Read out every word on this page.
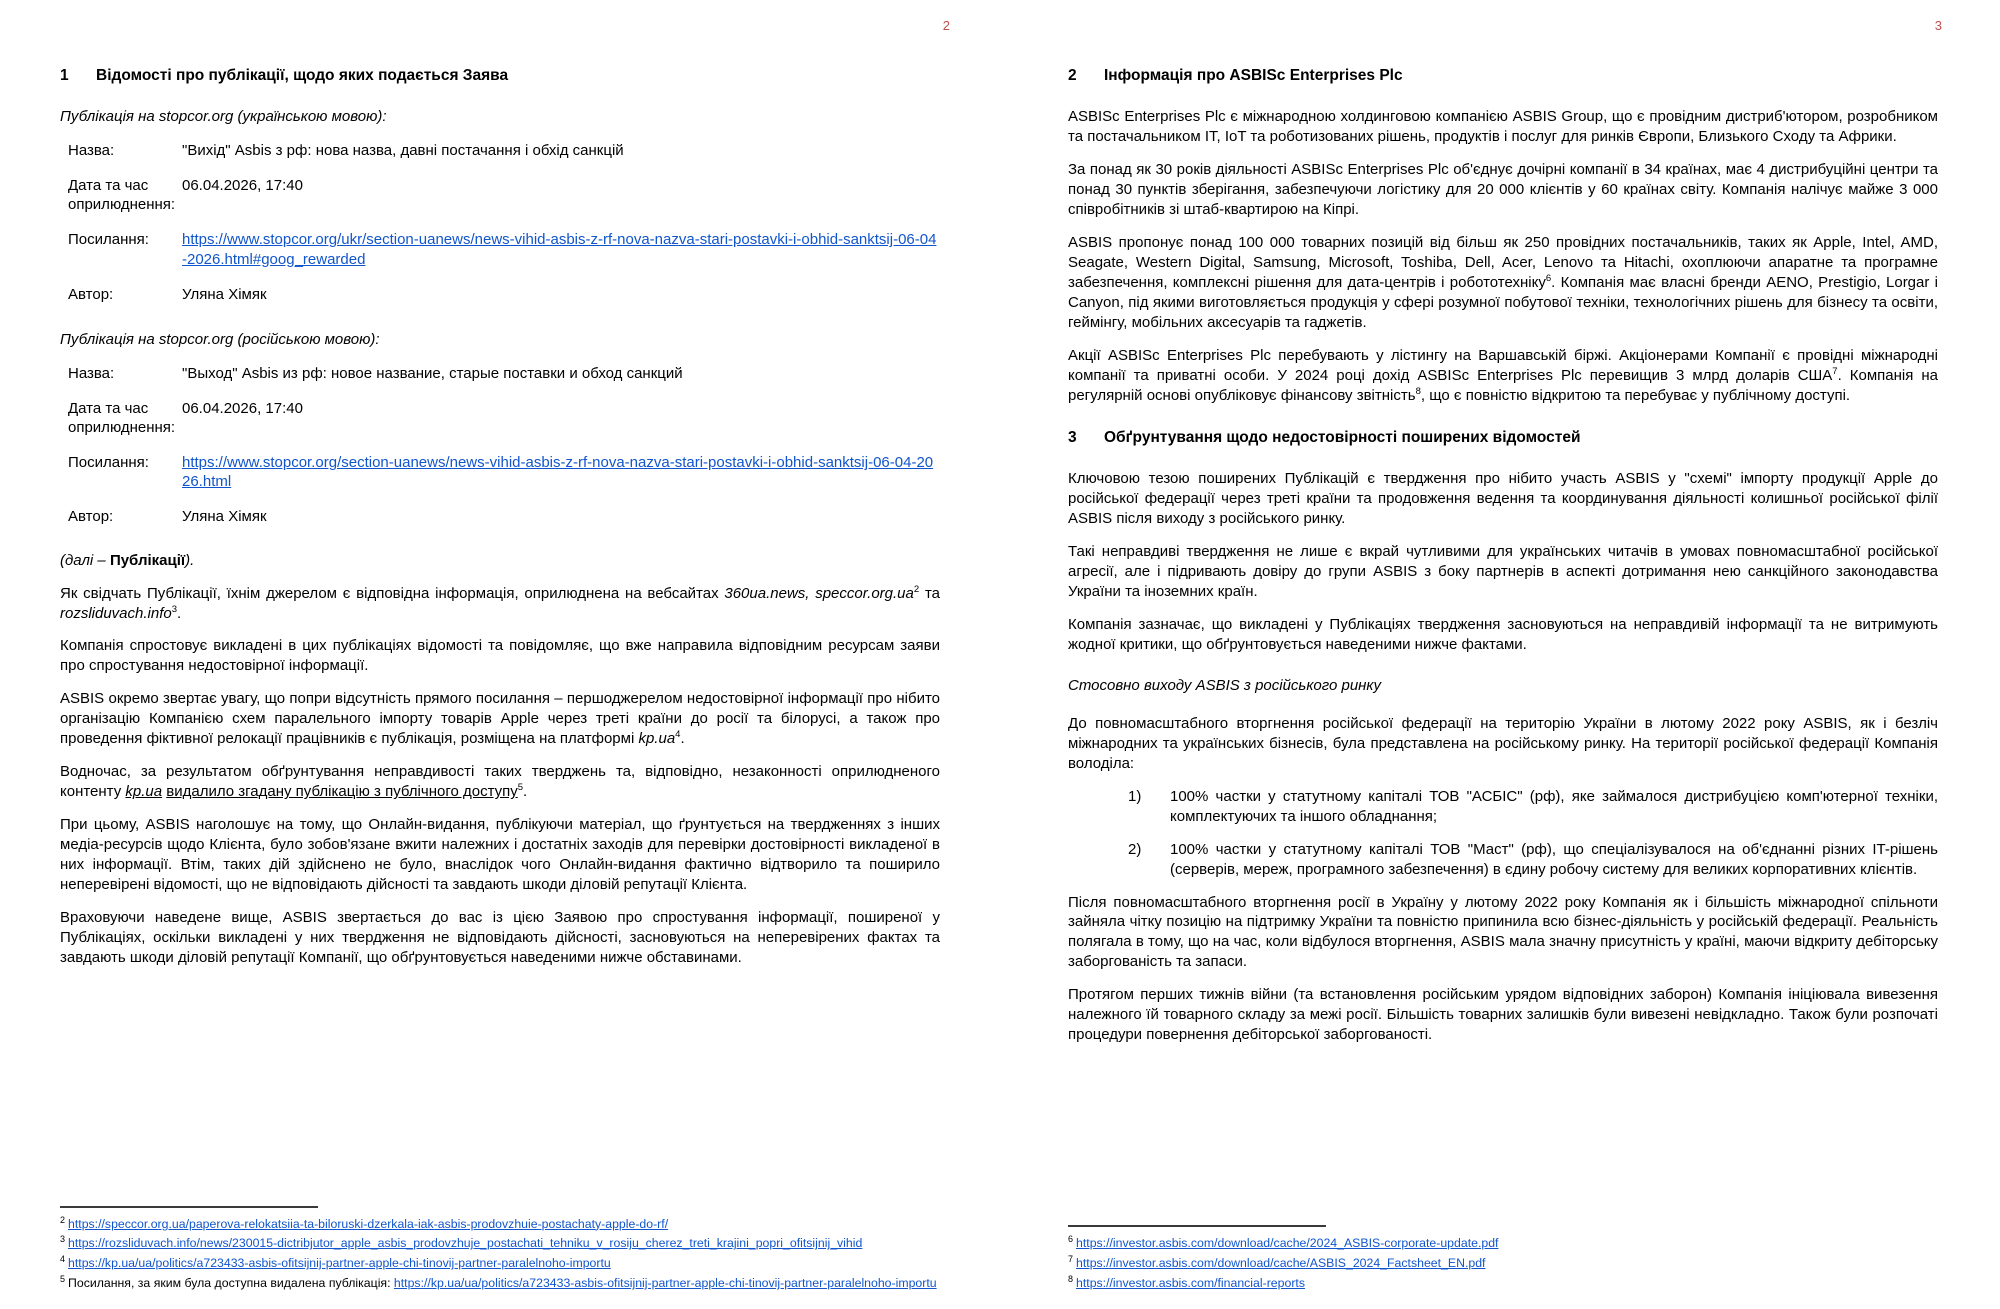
2
1	Відомості про публікації, щодо яких подається Заява
Публікація на stopcor.org (українською мовою):
Назва:	"Вихід" Asbis з рф: нова назва, давні постачання і обхід санкцій
Дата та час оприлюднення:
06.04.2026, 17:40
Посилання:	https://www.stopcor.org/ukr/section-uanews/news-vihid-asbis-z-rf-nova-nazva-stari-postavki-i-obhid-sanktsij-06-04-2026.html#goog_rewarded
Автор:	Уляна Хімяк
Публікація на stopcor.org (російською мовою):
Назва:	"Выход" Asbis из рф: новое название, старые поставки и обход санкций
Дата та час оприлюднення:
06.04.2026, 17:40
Посилання:	https://www.stopcor.org/section-uanews/news-vihid-asbis-z-rf-nova-nazva-stari-postavki-i-obhid-sanktsij-06-04-2026.html
Автор:	Уляна Хімяк

(далі – Публікації).

Як свідчать Публікації, їхнім джерелом є відповідна інформація, оприлюднена на вебсайтах 360ua.news, $speccor.org.ua^2$ та rozsliduvach.info$^3$.

Компанія спростовує викладені в цих публікаціях відомості та повідомляє, що вже направила відповідним ресурсам заяви про спростування недостовірної інформації.

ASBIS окремо звертає увагу, що попри відсутність прямого посилання – першоджерелом недостовірної інформації про нібито організацію Компанією схем паралельного імпорту товарів Apple через треті країни до росії та білорусі, а також про проведення фіктивної релокації працівників є публікація, розміщена на платформі $kp.ua^4$.

Водночас, за результатом обґрунтування неправдивості таких тверджень та, відповідно, незаконності оприлюдненого контенту kp.ua видалило згадану публікацію з публічного доступу$^5$.

При цьому, ASBIS наголошує на тому, що Онлайн-видання, публікуючи матеріал, що ґрунтується на твердженнях з інших медіа-ресурсів щодо Клієнта, було зобов'язане вжити належних і достатніх заходів для перевірки достовірності викладеної в них інформації. Втім, таких дій здійснено не було, внаслідок чого Онлайн-видання фактично відтворило та поширило неперевірені відомості, що не відповідають дійсності та завдають шкоди діловій репутації Клієнта.

Враховуючи наведене вище, ASBIS звертається до вас із цією Заявою про спростування інформації, поширеної у Публікаціях, оскільки викладені у них твердження не відповідають дійсності, засновуються на неперевірених фактах та завдають шкоди діловій репутації Компанії, що обґрунтовується наведеними нижче обставинами.

$^2$ https://speccor.org.ua/paperova-relokatsiia-ta-biloruski-dzerkala-iak-asbis-prodovzhuie-postachaty-apple-do-rf/
$^3$ https://rozsliduvach.info/news/230015-dictribjutor_apple_asbis_prodovzhuje_postachati_tehniku_v_rosiju_cherez_treti_krajini_popri_ofitsijnij_vihid
$^4$ https://kp.ua/ua/politics/a723433-asbis-ofitsijnij-partner-apple-chi-tinovij-partner-paralelnoho-importu
$^5$ Посилання, за яким була доступна видалена публікація: https://kp.ua/ua/politics/a723433-asbis-ofitsijnij-partner-apple-chi-tinovij-partner-paralelnoho-importu
3
2	Інформація про ASBISc Enterprises Plc

ASBISc Enterprises Plc є міжнародною холдинговою компанією ASBIS Group, що є провідним дистриб'ютором, розробником та постачальником IT, IoT та роботизованих рішень, продуктів і послуг для ринків Європи, Близького Сходу та Африки.

За понад як 30 років діяльності ASBISc Enterprises Plc об'єднує дочірні компанії в 34 країнах, має 4 дистрибуційні центри та понад 30 пунктів зберігання, забезпечуючи логістику для 20 000 клієнтів у 60 країнах світу. Компанія налічує майже 3 000 співробітників зі штаб-квартирою на Кіпрі.

ASBIS пропонує понад 100 000 товарних позицій від більш як 250 провідних постачальників, таких як Apple, Intel, AMD, Seagate, Western Digital, Samsung, Microsoft, Toshiba, Dell, Acer, Lenovo та Hitachi, охоплюючи апаратне та програмне забезпечення, комплексні рішення для дата-центрів і робототехніку$^6$. Компанія має власні бренди AENO, Prestigio, Lorgar і Canyon, під якими виготовляється продукція у сфері розумної побутової техніки, технологічних рішень для бізнесу та освіти, геймінгу, мобільних аксесуарів та гаджетів.

Акції ASBISc Enterprises Plc перебувають у лістингу на Варшавській біржі. Акціонерами Компанії є провідні міжнародні компанії та приватні особи. У 2024 році дохід ASBISc Enterprises Plc перевищив 3 млрд доларів США$^7$. Компанія на регулярній основі опубліковує фінансову звітність$^8$, що є повністю відкритою та перебуває у публічному доступі.

3	Обґрунтування щодо недостовірності поширених відомостей

Ключовою тезою поширених Публікацій є твердження про нібито участь ASBIS у "схемі" імпорту продукції Apple до російської федерації через треті країни та продовження ведення та координування діяльності колишньої російської філії ASBIS після виходу з російського ринку.

Такі неправдиві твердження не лише є вкрай чутливими для українських читачів в умовах повномасштабної російської агресії, але і підривають довіру до групи ASBIS з боку партнерів в аспекті дотримання нею санкційного законодавства України та іноземних країн.

Компанія зазначає, що викладені у Публікаціях твердження засновуються на неправдивій інформації та не витримують жодної критики, що обґрунтовується наведеними нижче фактами.

Стосовно виходу ASBIS з російського ринку

До повномасштабного вторгнення російської федерації на територію України в лютому 2022 року ASBIS, як і безліч міжнародних та українських бізнесів, була представлена на російському ринку. На території російської федерації Компанія володіла:

100% частки у статутному капіталі ТОВ "АСБІС" (рф), яке займалося дистрибуцією комп'ютерної техніки, комплектуючих та іншого обладнання;
100% частки у статутному капіталі ТОВ "Маст" (рф), що спеціалізувалося на об'єднанні різних IT-рішень (серверів, мереж, програмного забезпечення) в єдину робочу систему для великих корпоративних клієнтів.

Після повномасштабного вторгнення росії в Україну у лютому 2022 року Компанія як і більшість міжнародної спільноти зайняла чітку позицію на підтримку України та повністю припинила всю бізнес-діяльність у російській федерації. Реальність полягала в тому, що на час, коли відбулося вторгнення, ASBIS мала значну присутність у країні, маючи відкриту дебіторську заборгованість та запаси.

Протягом перших тижнів війни (та встановлення російським урядом відповідних заборон) Компанія ініціювала вивезення належного їй товарного складу за межі росії. Більшість товарних залишків були вивезені невідкладно. Також були розпочаті процедури повернення дебіторської заборгованості.

$^6$ https://investor.asbis.com/download/cache/2024_ASBIS-corporate-update.pdf
$^7$ https://investor.asbis.com/download/cache/ASBIS_2024_Factsheet_EN.pdf
$^8$ https://investor.asbis.com/financial-reports
